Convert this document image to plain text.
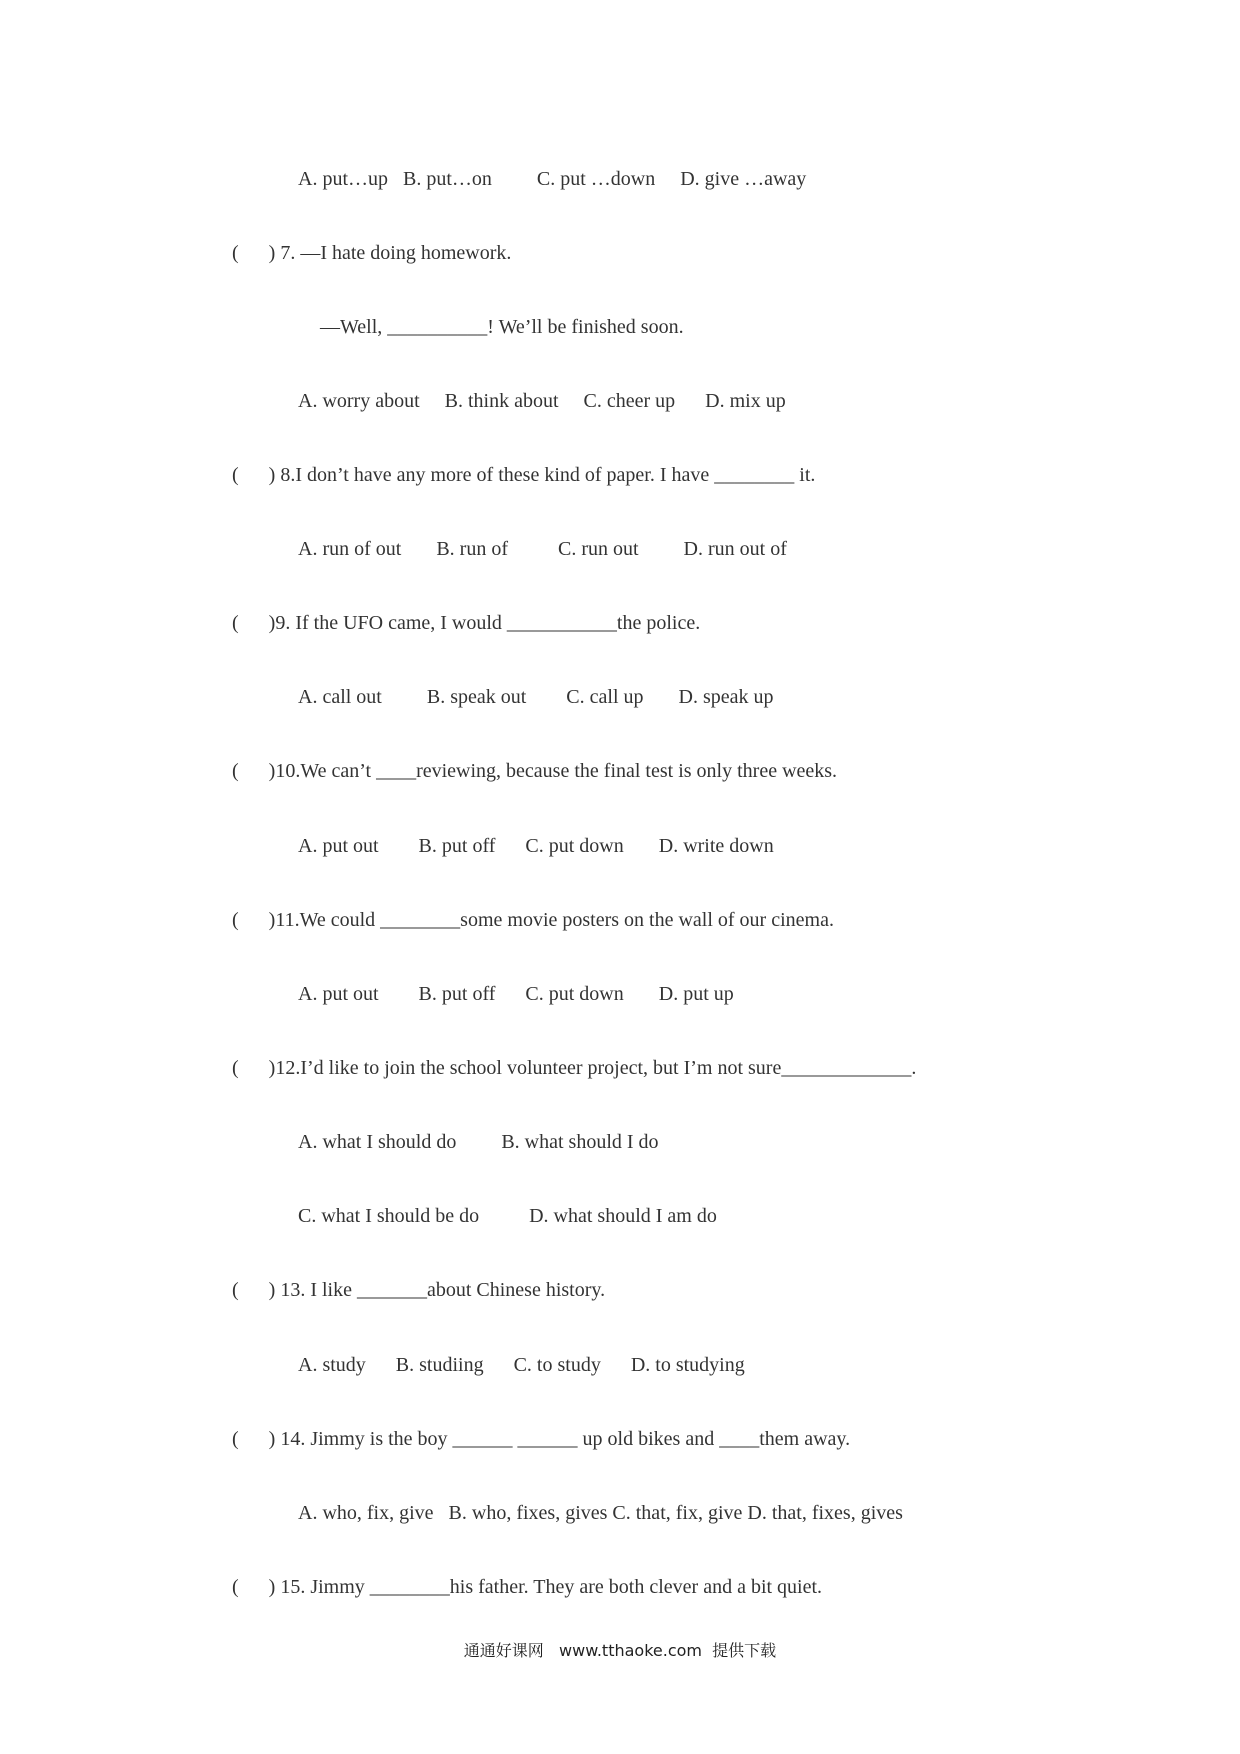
A. put…up   B. put…on         C. put …down     D. give …away
(      ) 7. —I hate doing homework.
—Well, __________! We’ll be finished soon.
A. worry about     B. think about     C. cheer up      D. mix up
(      ) 8.I don’t have any more of these kind of paper. I have ________ it.
A. run of out       B. run of          C. run out         D. run out of
(      )9. If the UFO came, I would ___________the police.
A. call out         B. speak out        C. call up       D. speak up
(      )10.We can’t ____reviewing, because the final test is only three weeks.
A. put out        B. put off      C. put down       D. write down
(      )11.We could ________some movie posters on the wall of our cinema.
A. put out        B. put off      C. put down       D. put up
(      )12.I’d like to join the school volunteer project, but I’m not sure_____________.
A. what I should do         B. what should I do
C. what I should be do          D. what should I am do
(      ) 13. I like _______about Chinese history.
A. study      B. studiing      C. to study      D. to studying
(      ) 14. Jimmy is the boy ______ ______ up old bikes and ____them away.
A. who, fix, give   B. who, fixes, gives C. that, fix, give D. that, fixes, gives
(      ) 15. Jimmy ________his father. They are both clever and a bit quiet.
通通好课网   www.tthaoke.com  提供下载
